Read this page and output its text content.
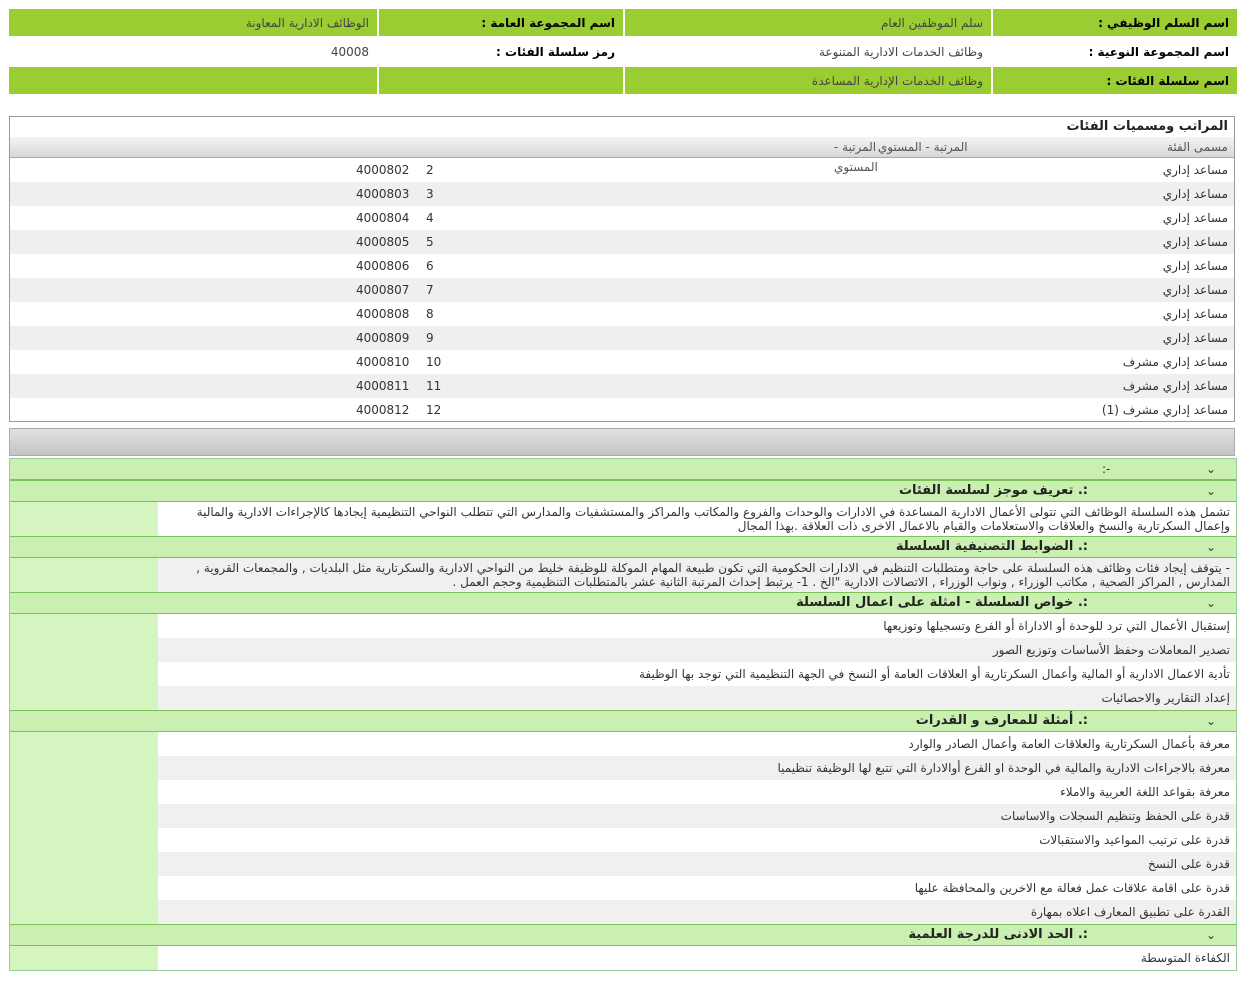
اسم السلم الوظيفي :
سلم الموظفين العام
اسم المجموعة العامة :
الوظائف الادارية المعاونة
اسم المجموعة النوعية :
وظائف الخدمات الادارية المتنوعة
رمز سلسلة الفئات :
40008
اسم سلسلة الفئات :
وظائف الخدمات الإدارية المساعدة
المراتب ومسميات الفئات
مسمى الفئة
المرتبة - المستوي
المرتبة - المستوي	مساعد إداري
2
4000802
مساعد إداري
3
4000803
مساعد إداري
4
4000804
مساعد إداري
5
4000805
مساعد إداري
6
4000806
مساعد إداري
7
4000807
مساعد إداري
8
4000808
مساعد إداري
9
4000809
مساعد إداري مشرف
10
4000810
مساعد إداري مشرف
11
4000811
مساعد إداري مشرف (1)
12
4000812
⌄
-:
⌄
:. تعريف موجز لسلسة الفئات
تشمل هذه السلسلة الوظائف التي تتولى الأعمال الادارية المساعدة في الادارات والوحدات والفروع والمكاتب والمراكز والمستشفيات والمدارس التي تتطلب النواحي التنظيمية إيجادها كالإجراءات الادارية والمالية وإعمال السكرتارية والنسخ والعلاقات والاستعلامات والقيام بالاعمال الاخرى ذات العلاقة .بهذا المجال
⌄
:. الضوابط التصنيفية السلسلة
- يتوقف إيجاد فئات وظائف هذه السلسلة على حاجة ومتطلبات التنظيم في الادارات الحكومية التي تكون طبيعة المهام الموكلة للوظيفة خليط من النواحي الادارية والسكرتارية مثل البلديات , والمجمعات القروية , المدارس , المراكز الصحية , مكاتب الوزراء , ونواب الوزراء , الاتصالات الادارية "الخ . 1- يرتبط إحداث المرتبة الثانية عشر بالمتطلبات التنظيمية وحجم العمل .
⌄
:. خواص السلسلة - امثلة على اعمال السلسلة
إستقبال الأعمال التي ترد للوحدة أو الاداراة أو الفرع وتسجيلها وتوزيعها
تصدير المعاملات وحفظ الأساسات وتوزيع الصور
تأدية الاعمال الادارية أو المالية وأعمال السكرتارية أو العلاقات العامة أو النسخ في الجهة التنظيمية التي توجد بها الوظيفة
إعداد التقارير والاحصائيات
⌄
:. أمثلة للمعارف و القدرات
معرفة بأعمال السكرتارية والعلاقات العامة وأعمال الصادر والوارد
معرفة بالاجراءات الادارية والمالية في الوحدة او الفرع أوالادارة التي تتبع لها الوظيفة تنظيميا
معرفة بقواعد اللغة العربية والاملاء
قدرة على الحفظ وتنظيم السجلات والاساسات
قدرة على ترتيب المواعيد والاستقبالات
قدرة على النسخ
قدرة على اقامة علاقات عمل فعالة مع الاخرين والمحافظة عليها
القدرة على تطبيق المعارف اعلاه بمهارة
⌄
:. الحد الادنى للدرجة العلمية
الكفاءة المتوسطة
